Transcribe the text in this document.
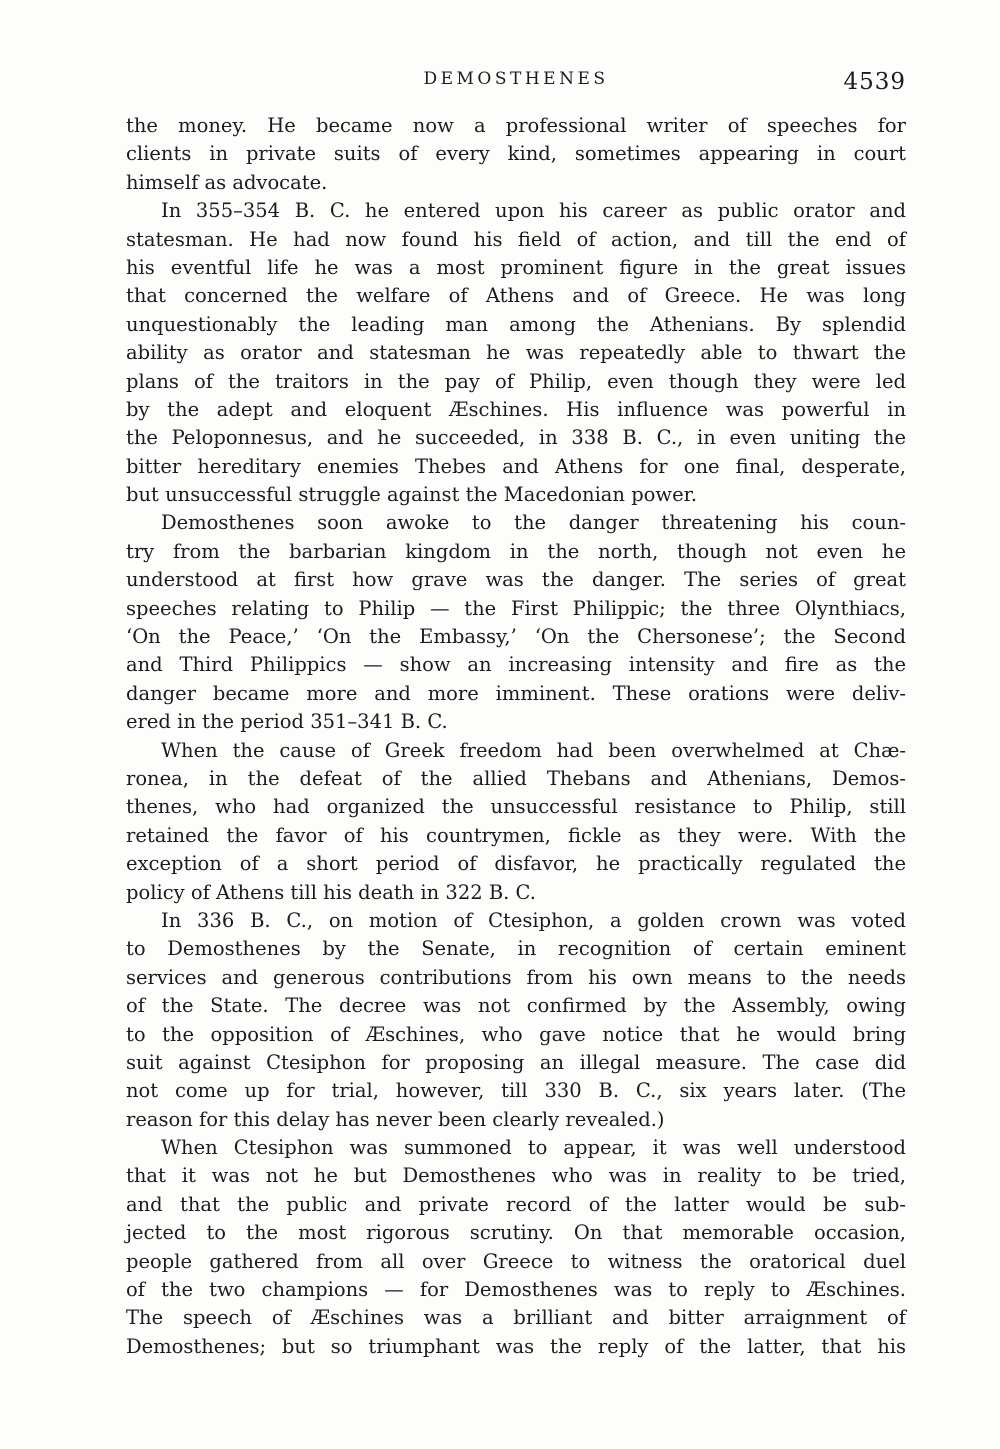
DEMOSTHENES	4539
the money. He became now a professional writer of speeches for
clients in private suits of every kind, sometimes appearing in court
himself as advocate.
In 355–354 B. C. he entered upon his career as public orator and
statesman. He had now found his field of action, and till the end of
his eventful life he was a most prominent figure in the great issues
that concerned the welfare of Athens and of Greece. He was long
unquestionably the leading man among the Athenians. By splendid
ability as orator and statesman he was repeatedly able to thwart the
plans of the traitors in the pay of Philip, even though they were led
by the adept and eloquent Æschines. His influence was powerful in
the Peloponnesus, and he succeeded, in 338 B. C., in even uniting the
bitter hereditary enemies Thebes and Athens for one final, desperate,
but unsuccessful struggle against the Macedonian power.
Demosthenes soon awoke to the danger threatening his coun-
try from the barbarian kingdom in the north, though not even he
understood at first how grave was the danger. The series of great
speeches relating to Philip — the First Philippic; the three Olynthiacs,
‘On the Peace,’ ‘On the Embassy,’ ‘On the Chersonese’; the Second
and Third Philippics — show an increasing intensity and fire as the
danger became more and more imminent. These orations were deliv-
ered in the period 351–341 B. C.
When the cause of Greek freedom had been overwhelmed at Chæ-
ronea, in the defeat of the allied Thebans and Athenians, Demos-
thenes, who had organized the unsuccessful resistance to Philip, still
retained the favor of his countrymen, fickle as they were. With the
exception of a short period of disfavor, he practically regulated the
policy of Athens till his death in 322 B. C.
In 336 B. C., on motion of Ctesiphon, a golden crown was voted
to Demosthenes by the Senate, in recognition of certain eminent
services and generous contributions from his own means to the needs
of the State. The decree was not confirmed by the Assembly, owing
to the opposition of Æschines, who gave notice that he would bring
suit against Ctesiphon for proposing an illegal measure. The case did
not come up for trial, however, till 330 B. C., six years later. (The
reason for this delay has never been clearly revealed.)
When Ctesiphon was summoned to appear, it was well understood
that it was not he but Demosthenes who was in reality to be tried,
and that the public and private record of the latter would be sub-
jected to the most rigorous scrutiny. On that memorable occasion,
people gathered from all over Greece to witness the oratorical duel
of the two champions — for Demosthenes was to reply to Æschines.
The speech of Æschines was a brilliant and bitter arraignment of
Demosthenes; but so triumphant was the reply of the latter, that his
